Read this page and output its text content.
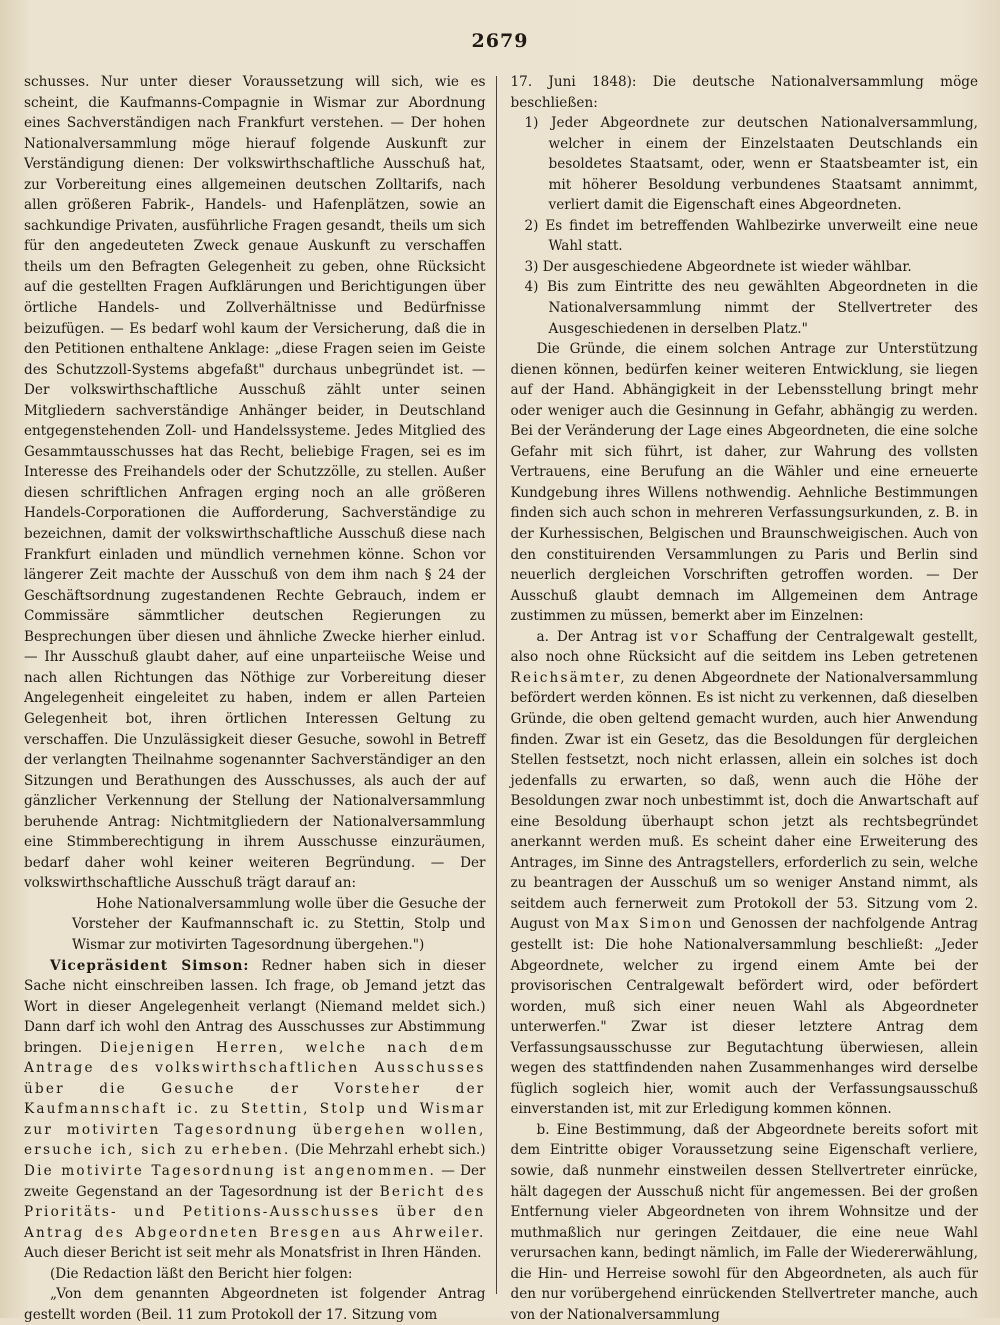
2679

schusses. Nur unter dieser Voraussetzung will sich, wie es scheint, die Kaufmanns-Compagnie in Wismar zur Abordnung eines Sachverständigen nach Frankfurt verstehen. — Der hohen Nationalversammlung möge hierauf folgende Auskunft zur Verständigung dienen: Der volkswirthschaftliche Ausschuß hat, zur Vorbereitung eines allgemeinen deutschen Zolltarifs, nach allen größeren Fabrik-, Handels- und Hafenplätzen, sowie an sachkundige Privaten, ausführliche Fragen gesandt, theils um sich für den angedeuteten Zweck genaue Auskunft zu verschaffen theils um den Befragten Gelegenheit zu geben, ohne Rücksicht auf die gestellten Fragen Aufklärungen und Berichtigungen über örtliche Handels- und Zollverhältnisse und Bedürfnisse beizufügen. — Es bedarf wohl kaum der Versicherung, daß die in den Petitionen enthaltene Anklage: „diese Fragen seien im Geiste des Schutzzoll-Systems abgefaßt" durchaus unbegründet ist. — Der volkswirthschaftliche Ausschuß zählt unter seinen Mitgliedern sachverständige Anhänger beider, in Deutschland entgegenstehenden Zoll- und Handelssysteme. Jedes Mitglied des Gesammtausschusses hat das Recht, beliebige Fragen, sei es im Interesse des Freihandels oder der Schutzzölle, zu stellen. Außer diesen schriftlichen Anfragen erging noch an alle größeren Handels-Corporationen die Aufforderung, Sachverständige zu bezeichnen, damit der volkswirthschaftliche Ausschuß diese nach Frankfurt einladen und mündlich vernehmen könne. Schon vor längerer Zeit machte der Ausschuß von dem ihm nach § 24 der Geschäftsordnung zugestandenen Rechte Gebrauch, indem er Commissäre sämmtlicher deutschen Regierungen zu Besprechungen über diesen und ähnliche Zwecke hierher einlud. — Ihr Ausschuß glaubt daher, auf eine unparteiische Weise und nach allen Richtungen das Nöthige zur Vorbereitung dieser Angelegenheit eingeleitet zu haben, indem er allen Parteien Gelegenheit bot, ihren örtlichen Interessen Geltung zu verschaffen. Die Unzulässigkeit dieser Gesuche, sowohl in Betreff der verlangten Theilnahme sogenannter Sachverständiger an den Sitzungen und Berathungen des Ausschusses, als auch der auf gänzlicher Verkennung der Stellung der Nationalversammlung beruhende Antrag: Nichtmitgliedern der Nationalversammlung eine Stimmberechtigung in ihrem Ausschusse einzuräumen, bedarf daher wohl keiner weiteren Begründung. — Der volkswirthschaftliche Ausschuß trägt darauf an:

Hohe Nationalversammlung wolle über die Gesuche der Vorsteher der Kaufmannschaft ic. zu Stettin, Stolp und Wismar zur motivirten Tagesordnung übergehen.")

Vicepräsident Simson: Redner haben sich in dieser Sache nicht einschreiben lassen. Ich frage, ob Jemand jetzt das Wort in dieser Angelegenheit verlangt (Niemand meldet sich.) Dann darf ich wohl den Antrag des Ausschusses zur Abstimmung bringen. Diejenigen Herren, welche nach dem Antrage des volkswirthschaftlichen Ausschusses über die Gesuche der Vorsteher der Kaufmannschaft ic. zu Stettin, Stolp und Wismar zur motivirten Tagesordnung übergehen wollen, ersuche ich, sich zu erheben. (Die Mehrzahl erhebt sich.) Die motivirte Tagesordnung ist angenommen. — Der zweite Gegenstand an der Tagesordnung ist der Bericht des Prioritäts- und Petitions-Ausschusses über den Antrag des Abgeordneten Bresgen aus Ahrweiler. Auch dieser Bericht ist seit mehr als Monatsfrist in Ihren Händen.

(Die Redaction läßt den Bericht hier folgen:

„Von dem genannten Abgeordneten ist folgender Antrag gestellt worden (Beil. 11 zum Protokoll der 17. Sitzung vom

17. Juni 1848): Die deutsche Nationalversammlung möge beschließen:

1) Jeder Abgeordnete zur deutschen Nationalversammlung, welcher in einem der Einzelstaaten Deutschlands ein besoldetes Staatsamt, oder, wenn er Staatsbeamter ist, ein mit höherer Besoldung verbundenes Staatsamt annimmt, verliert damit die Eigenschaft eines Abgeordneten.
2) Es findet im betreffenden Wahlbezirke unverweilt eine neue Wahl statt.
3) Der ausgeschiedene Abgeordnete ist wieder wählbar.
4) Bis zum Eintritte des neu gewählten Abgeordneten in die Nationalversammlung nimmt der Stellvertreter des Ausgeschiedenen in derselben Platz."

Die Gründe, die einem solchen Antrage zur Unterstützung dienen können, bedürfen keiner weiteren Entwicklung, sie liegen auf der Hand. Abhängigkeit in der Lebensstellung bringt mehr oder weniger auch die Gesinnung in Gefahr, abhängig zu werden. Bei der Veränderung der Lage eines Abgeordneten, die eine solche Gefahr mit sich führt, ist daher, zur Wahrung des vollsten Vertrauens, eine Berufung an die Wähler und eine erneuerte Kundgebung ihres Willens nothwendig. Aehnliche Bestimmungen finden sich auch schon in mehreren Verfassungsurkunden, z. B. in der Kurhessischen, Belgischen und Braunschweigischen. Auch von den constituirenden Versammlungen zu Paris und Berlin sind neuerlich dergleichen Vorschriften getroffen worden. — Der Ausschuß glaubt demnach im Allgemeinen dem Antrage zustimmen zu müssen, bemerkt aber im Einzelnen:

a. Der Antrag ist vor Schaffung der Centralgewalt gestellt, also noch ohne Rücksicht auf die seitdem ins Leben getretenen Reichsämter, zu denen Abgeordnete der Nationalversammlung befördert werden können. Es ist nicht zu verkennen, daß dieselben Gründe, die oben geltend gemacht wurden, auch hier Anwendung finden. Zwar ist ein Gesetz, das die Besoldungen für dergleichen Stellen festsetzt, noch nicht erlassen, allein ein solches ist doch jedenfalls zu erwarten, so daß, wenn auch die Höhe der Besoldungen zwar noch unbestimmt ist, doch die Anwartschaft auf eine Besoldung überhaupt schon jetzt als rechtsbegründet anerkannt werden muß. Es scheint daher eine Erweiterung des Antrages, im Sinne des Antragstellers, erforderlich zu sein, welche zu beantragen der Ausschuß um so weniger Anstand nimmt, als seitdem auch fernerweit zum Protokoll der 53. Sitzung vom 2. August von Max Simon und Genossen der nachfolgende Antrag gestellt ist: Die hohe Nationalversammlung beschließt: „Jeder Abgeordnete, welcher zu irgend einem Amte bei der provisorischen Centralgewalt befördert wird, oder befördert worden, muß sich einer neuen Wahl als Abgeordneter unterwerfen." Zwar ist dieser letztere Antrag dem Verfassungsausschusse zur Begutachtung überwiesen, allein wegen des stattfindenden nahen Zusammenhanges wird derselbe füglich sogleich hier, womit auch der Verfassungsausschuß einverstanden ist, mit zur Erledigung kommen können.

b. Eine Bestimmung, daß der Abgeordnete bereits sofort mit dem Eintritte obiger Voraussetzung seine Eigenschaft verliere, sowie, daß nunmehr einstweilen dessen Stellvertreter einrücke, hält dagegen der Ausschuß nicht für angemessen. Bei der großen Entfernung vieler Abgeordneten von ihrem Wohnsitze und der muthmaßlich nur geringen Zeitdauer, die eine neue Wahl verursachen kann, bedingt nämlich, im Falle der Wiedererwählung, die Hin- und Herreise sowohl für den Abgeordneten, als auch für den nur vorübergehend einrückenden Stellvertreter manche, auch von der Nationalversammlung
